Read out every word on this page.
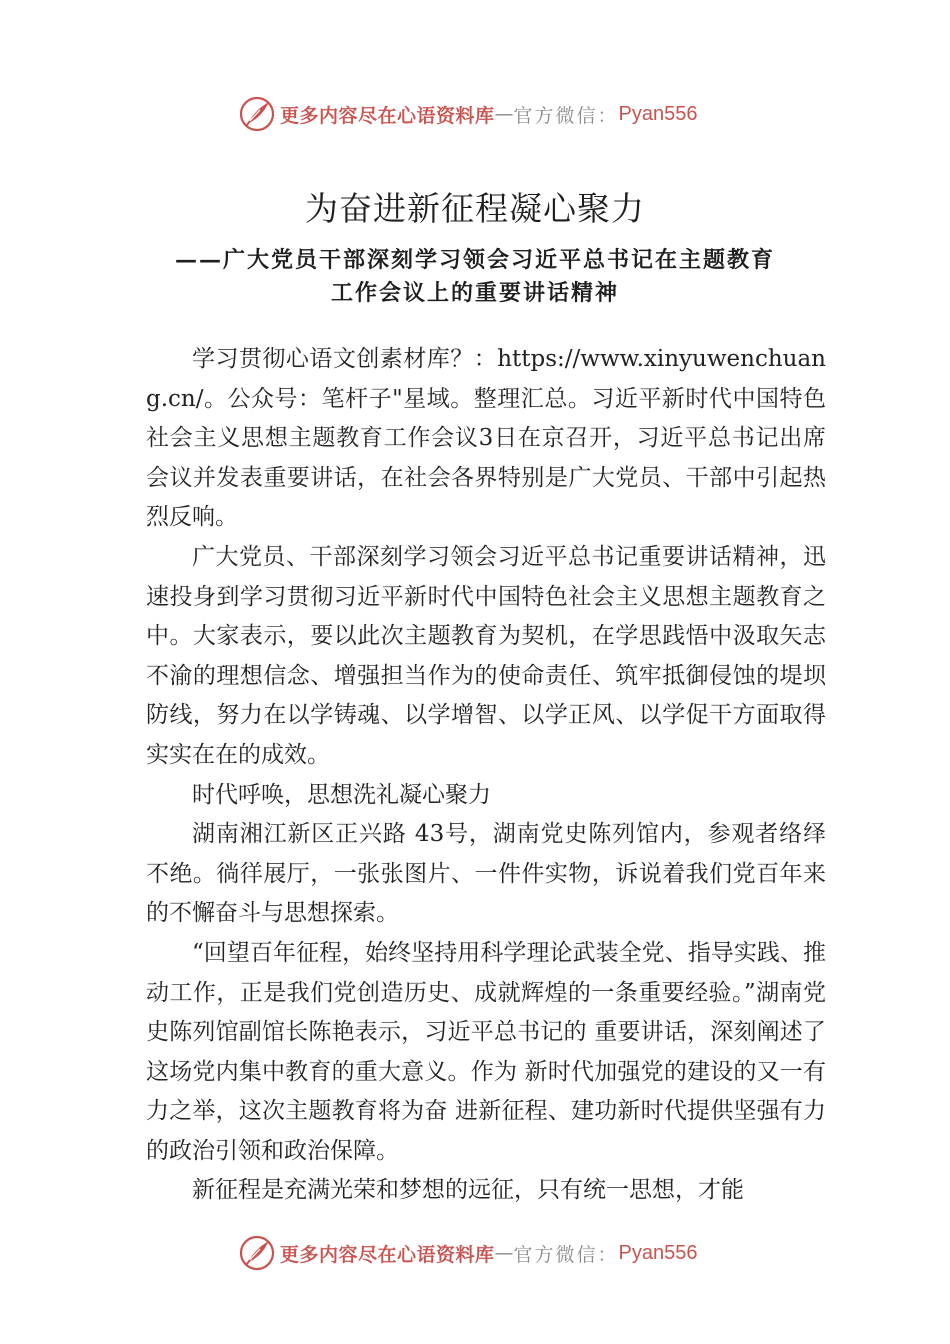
更多内容尽在心语资料库 — 官方微信： Pyan556
为奋进新征程凝心聚力
——广大党员干部深刻学习领会习近平总书记在主题教育
工作会议上的重要讲话精神

学习贯彻心语文创素材库？：https://www.xinyuwenchuang.cn/。公众号：笔杆子"星域。整理汇总。习近平新时代中国特色社会主义思想主题教育工作会议3日在京召开，习近平总书记出席会议并发表重要讲话，在社会各界特别是广大党员、干部中引起热烈反响。

广大党员、干部深刻学习领会习近平总书记重要讲话精神，迅速投身到学习贯彻习近平新时代中国特色社会主义思想主题教育之中。大家表示，要以此次主题教育为契机，在学思践悟中汲取矢志不渝的理想信念、增强担当作为的使命责任、筑牢抵御侵蚀的堤坝防线，努力在以学铸魂、以学增智、以学正风、以学促干方面取得实实在在的成效。

时代呼唤，思想洗礼凝心聚力

湖南湘江新区正兴路 43号，湖南党史陈列馆内，参观者络绎不绝。徜徉展厅，一张张图片、一件件实物，诉说着我们党百年来的不懈奋斗与思想探索。

“回望百年征程，始终坚持用科学理论武装全党、指导实践、推动工作，正是我们党创造历史、成就辉煌的一条重要经验。”湖南党史陈列馆副馆长陈艳表示，习近平总书记的 重要讲话，深刻阐述了这场党内集中教育的重大意义。作为 新时代加强党的建设的又一有力之举，这次主题教育将为奋 进新征程、建功新时代提供坚强有力的政治引领和政治保障。

新征程是充满光荣和梦想的远征，只有统一思想，才能

更多内容尽在心语资料库 — 官方微信： Pyan556
